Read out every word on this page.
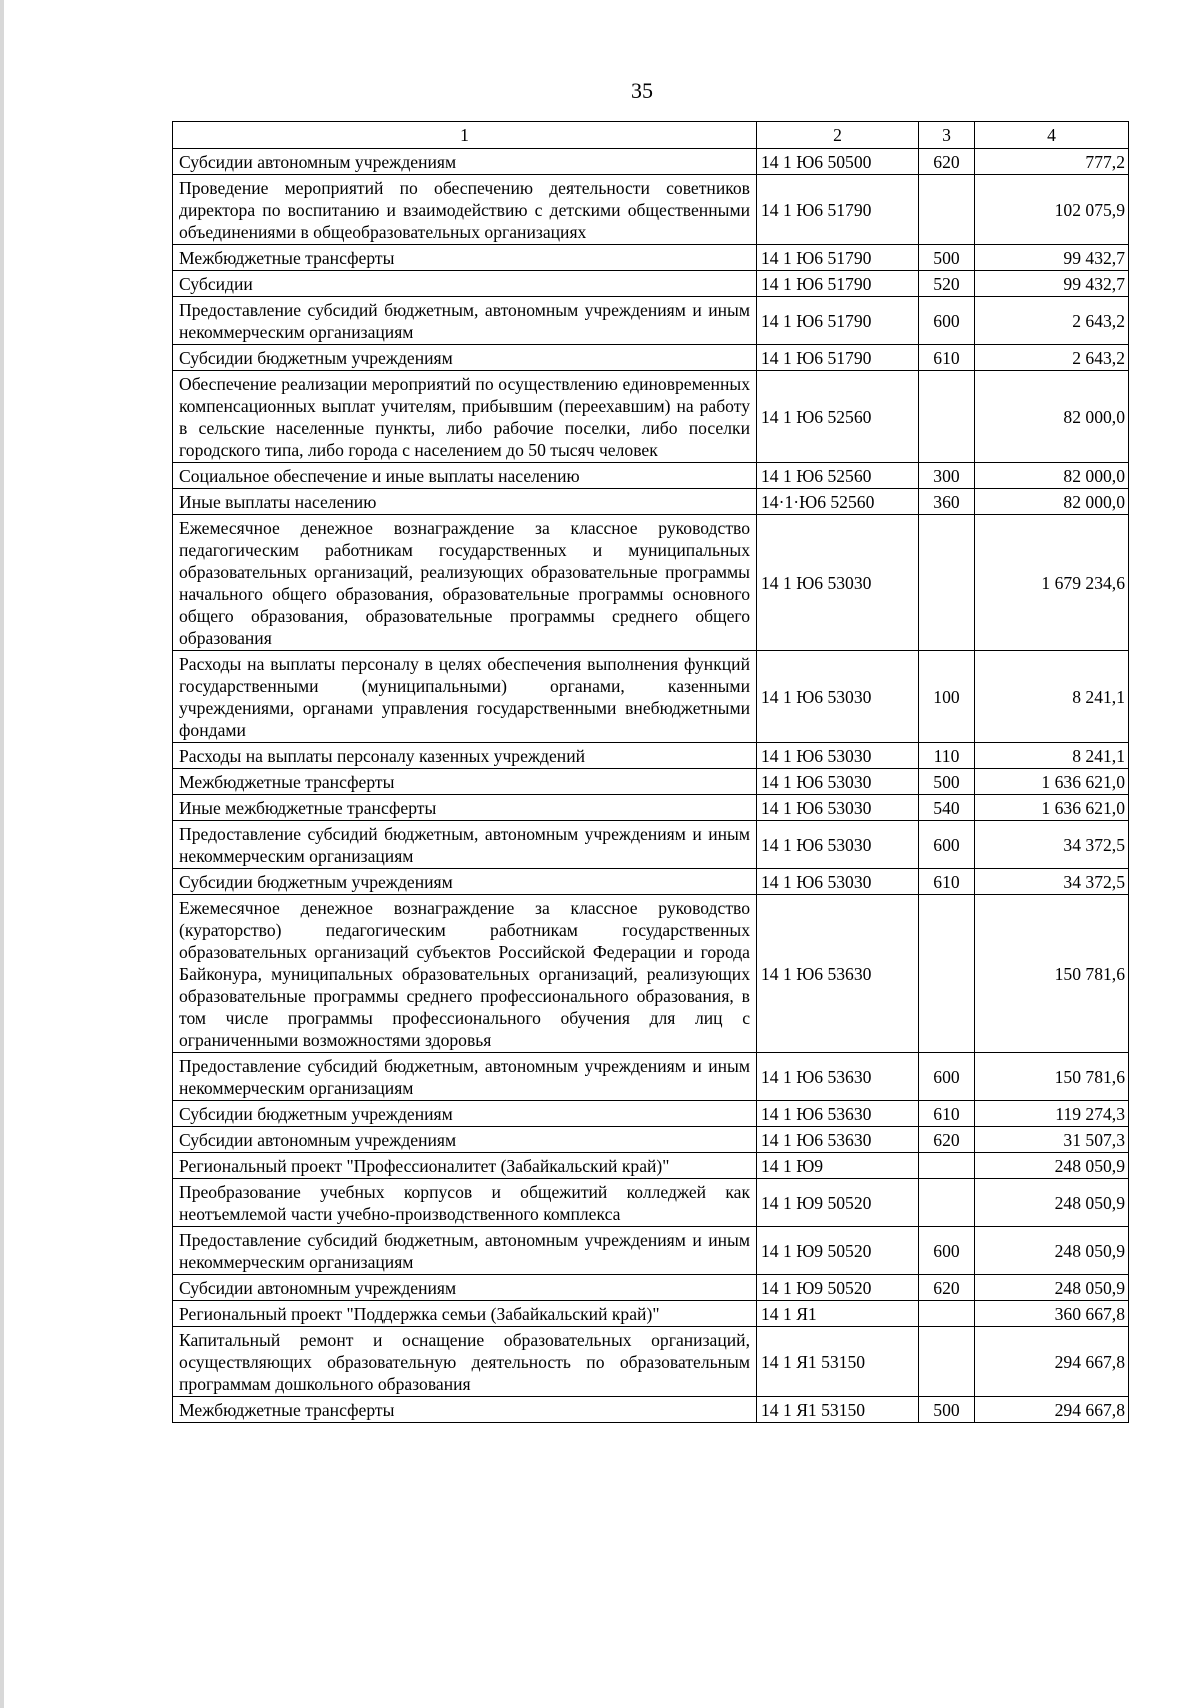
35
1	2	3	4
Субсидии автономным учреждениям	14 1 Ю6 50500	620	777,2
Проведение мероприятий по обеспечению деятельности советников директора по воспитанию и взаимодействию с детскими общественными объединениями в общеобразовательных организациях	14 1 Ю6 51790		102 075,9
Межбюджетные трансферты	14 1 Ю6 51790	500	99 432,7
Субсидии	14 1 Ю6 51790	520	99 432,7
Предоставление субсидий бюджетным, автономным учреждениям и иным некоммерческим организациям	14 1 Ю6 51790	600	2 643,2
Субсидии бюджетным учреждениям	14 1 Ю6 51790	610	2 643,2
Обеспечение реализации мероприятий по осуществлению единовременных компенсационных выплат учителям, прибывшим (переехавшим) на работу в сельские населенные пункты, либо рабочие поселки, либо поселки городского типа, либо города с населением до 50 тысяч человек	14 1 Ю6 52560		82 000,0
Социальное обеспечение и иные выплаты населению	14 1 Ю6 52560	300	82 000,0
Иные выплаты населению	14·1·Ю6 52560	360	82 000,0
Ежемесячное денежное вознаграждение за классное руководство педагогическим работникам государственных и муниципальных образовательных организаций, реализующих образовательные программы начального общего образования, образовательные программы основного общего образования, образовательные программы среднего общего образования	14 1 Ю6 53030		1 679 234,6
Расходы на выплаты персоналу в целях обеспечения выполнения функций государственными (муниципальными) органами, казенными учреждениями, органами управления государственными внебюджетными фондами	14 1 Ю6 53030	100	8 241,1
Расходы на выплаты персоналу казенных учреждений	14 1 Ю6 53030	110	8 241,1
Межбюджетные трансферты	14 1 Ю6 53030	500	1 636 621,0
Иные межбюджетные трансферты	14 1 Ю6 53030	540	1 636 621,0
Предоставление субсидий бюджетным, автономным учреждениям и иным некоммерческим организациям	14 1 Ю6 53030	600	34 372,5
Субсидии бюджетным учреждениям	14 1 Ю6 53030	610	34 372,5
Ежемесячное денежное вознаграждение за классное руководство (кураторство) педагогическим работникам государственных образовательных организаций субъектов Российской Федерации и города Байконура, муниципальных образовательных организаций, реализующих образовательные программы среднего профессионального образования, в том числе программы профессионального обучения для лиц с ограниченными возможностями здоровья	14 1 Ю6 53630		150 781,6
Предоставление субсидий бюджетным, автономным учреждениям и иным некоммерческим организациям	14 1 Ю6 53630	600	150 781,6
Субсидии бюджетным учреждениям	14 1 Ю6 53630	610	119 274,3
Субсидии автономным учреждениям	14 1 Ю6 53630	620	31 507,3
Региональный проект "Профессионалитет (Забайкальский край)"	14 1 Ю9		248 050,9
Преобразование учебных корпусов и общежитий колледжей как неотъемлемой части учебно-производственного комплекса	14 1 Ю9 50520		248 050,9
Предоставление субсидий бюджетным, автономным учреждениям и иным некоммерческим организациям	14 1 Ю9 50520	600	248 050,9
Субсидии автономным учреждениям	14 1 Ю9 50520	620	248 050,9
Региональный проект "Поддержка семьи (Забайкальский край)"	14 1 Я1		360 667,8
Капитальный ремонт и оснащение образовательных организаций, осуществляющих образовательную деятельность по образовательным программам дошкольного образования	14 1 Я1 53150		294 667,8
Межбюджетные трансферты	14 1 Я1 53150	500	294 667,8
